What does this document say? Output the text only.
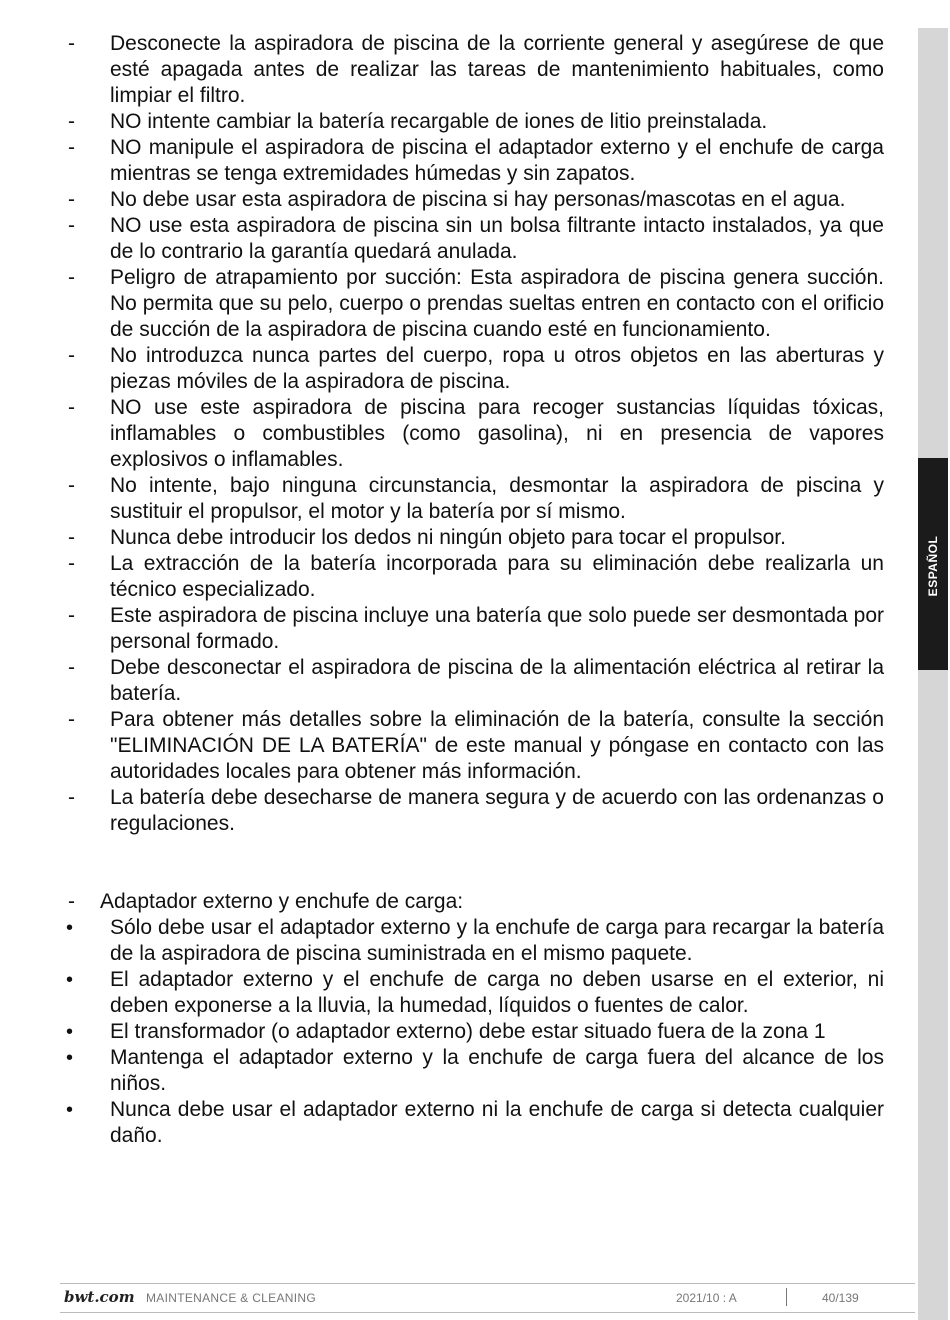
ESPAÑOL
-	Desconecte la aspiradora de piscina de la corriente general y asegúrese de que esté apagada antes de realizar las tareas de mantenimiento habituales, como limpiar el filtro.
-	NO intente cambiar la batería recargable de iones de litio preinstalada.
-	NO manipule el aspiradora de piscina el adaptador externo y el enchufe de carga mientras se tenga extremidades húmedas y sin zapatos.
-	No debe usar esta aspiradora de piscina si hay personas/mascotas en el agua.
-	NO use esta aspiradora de piscina sin un bolsa filtrante intacto instalados, ya que de lo contrario la garantía quedará anulada.
-	Peligro de atrapamiento por succión: Esta aspiradora de piscina genera succión. No permita que su pelo, cuerpo o prendas sueltas entren en contacto con el orificio de succión de la aspiradora de piscina cuando esté en funcionamiento.
-	No introduzca nunca partes del cuerpo, ropa u otros objetos en las aberturas y piezas móviles de la aspiradora de piscina.
-	NO use este aspiradora de piscina para recoger sustancias líquidas tóxicas, inflamables o combustibles (como gasolina), ni en presencia de vapores explosivos o inflamables.
-	No intente, bajo ninguna circunstancia, desmontar la aspiradora de piscina y sustituir el propulsor, el motor y la batería por sí mismo.
-	Nunca debe introducir los dedos ni ningún objeto para tocar el propulsor.
-	La extracción de la batería incorporada para su eliminación debe realizarla un técnico especializado.
-	Este aspiradora de piscina incluye una batería que solo puede ser desmontada por personal formado.
-	Debe desconectar el aspiradora de piscina de la alimentación eléctrica al retirar la batería.
-	Para obtener más detalles sobre la eliminación de la batería, consulte la sección "ELIMINACIÓN DE LA BATERÍA" de este manual y póngase en contacto con las autoridades locales para obtener más información.
-	La batería debe desecharse de manera segura y de acuerdo con las ordenanzas o regulaciones.
-	Adaptador externo y enchufe de carga:
•	Sólo debe usar el adaptador externo y la enchufe de carga para recargar la batería de la aspiradora de piscina suministrada en el mismo paquete.
•	El adaptador externo y el enchufe de carga no deben usarse en el exterior, ni deben exponerse a la lluvia, la humedad, líquidos o fuentes de calor.
•	El transformador (o adaptador externo) debe estar situado fuera de la zona 1
•	Mantenga el adaptador externo y la enchufe de carga fuera del alcance de los niños.
•	Nunca debe usar el adaptador externo ni la enchufe de carga si detecta cualquier daño.
bwt.com MAINTENANCE & CLEANING	2021/10 : A	40/139
